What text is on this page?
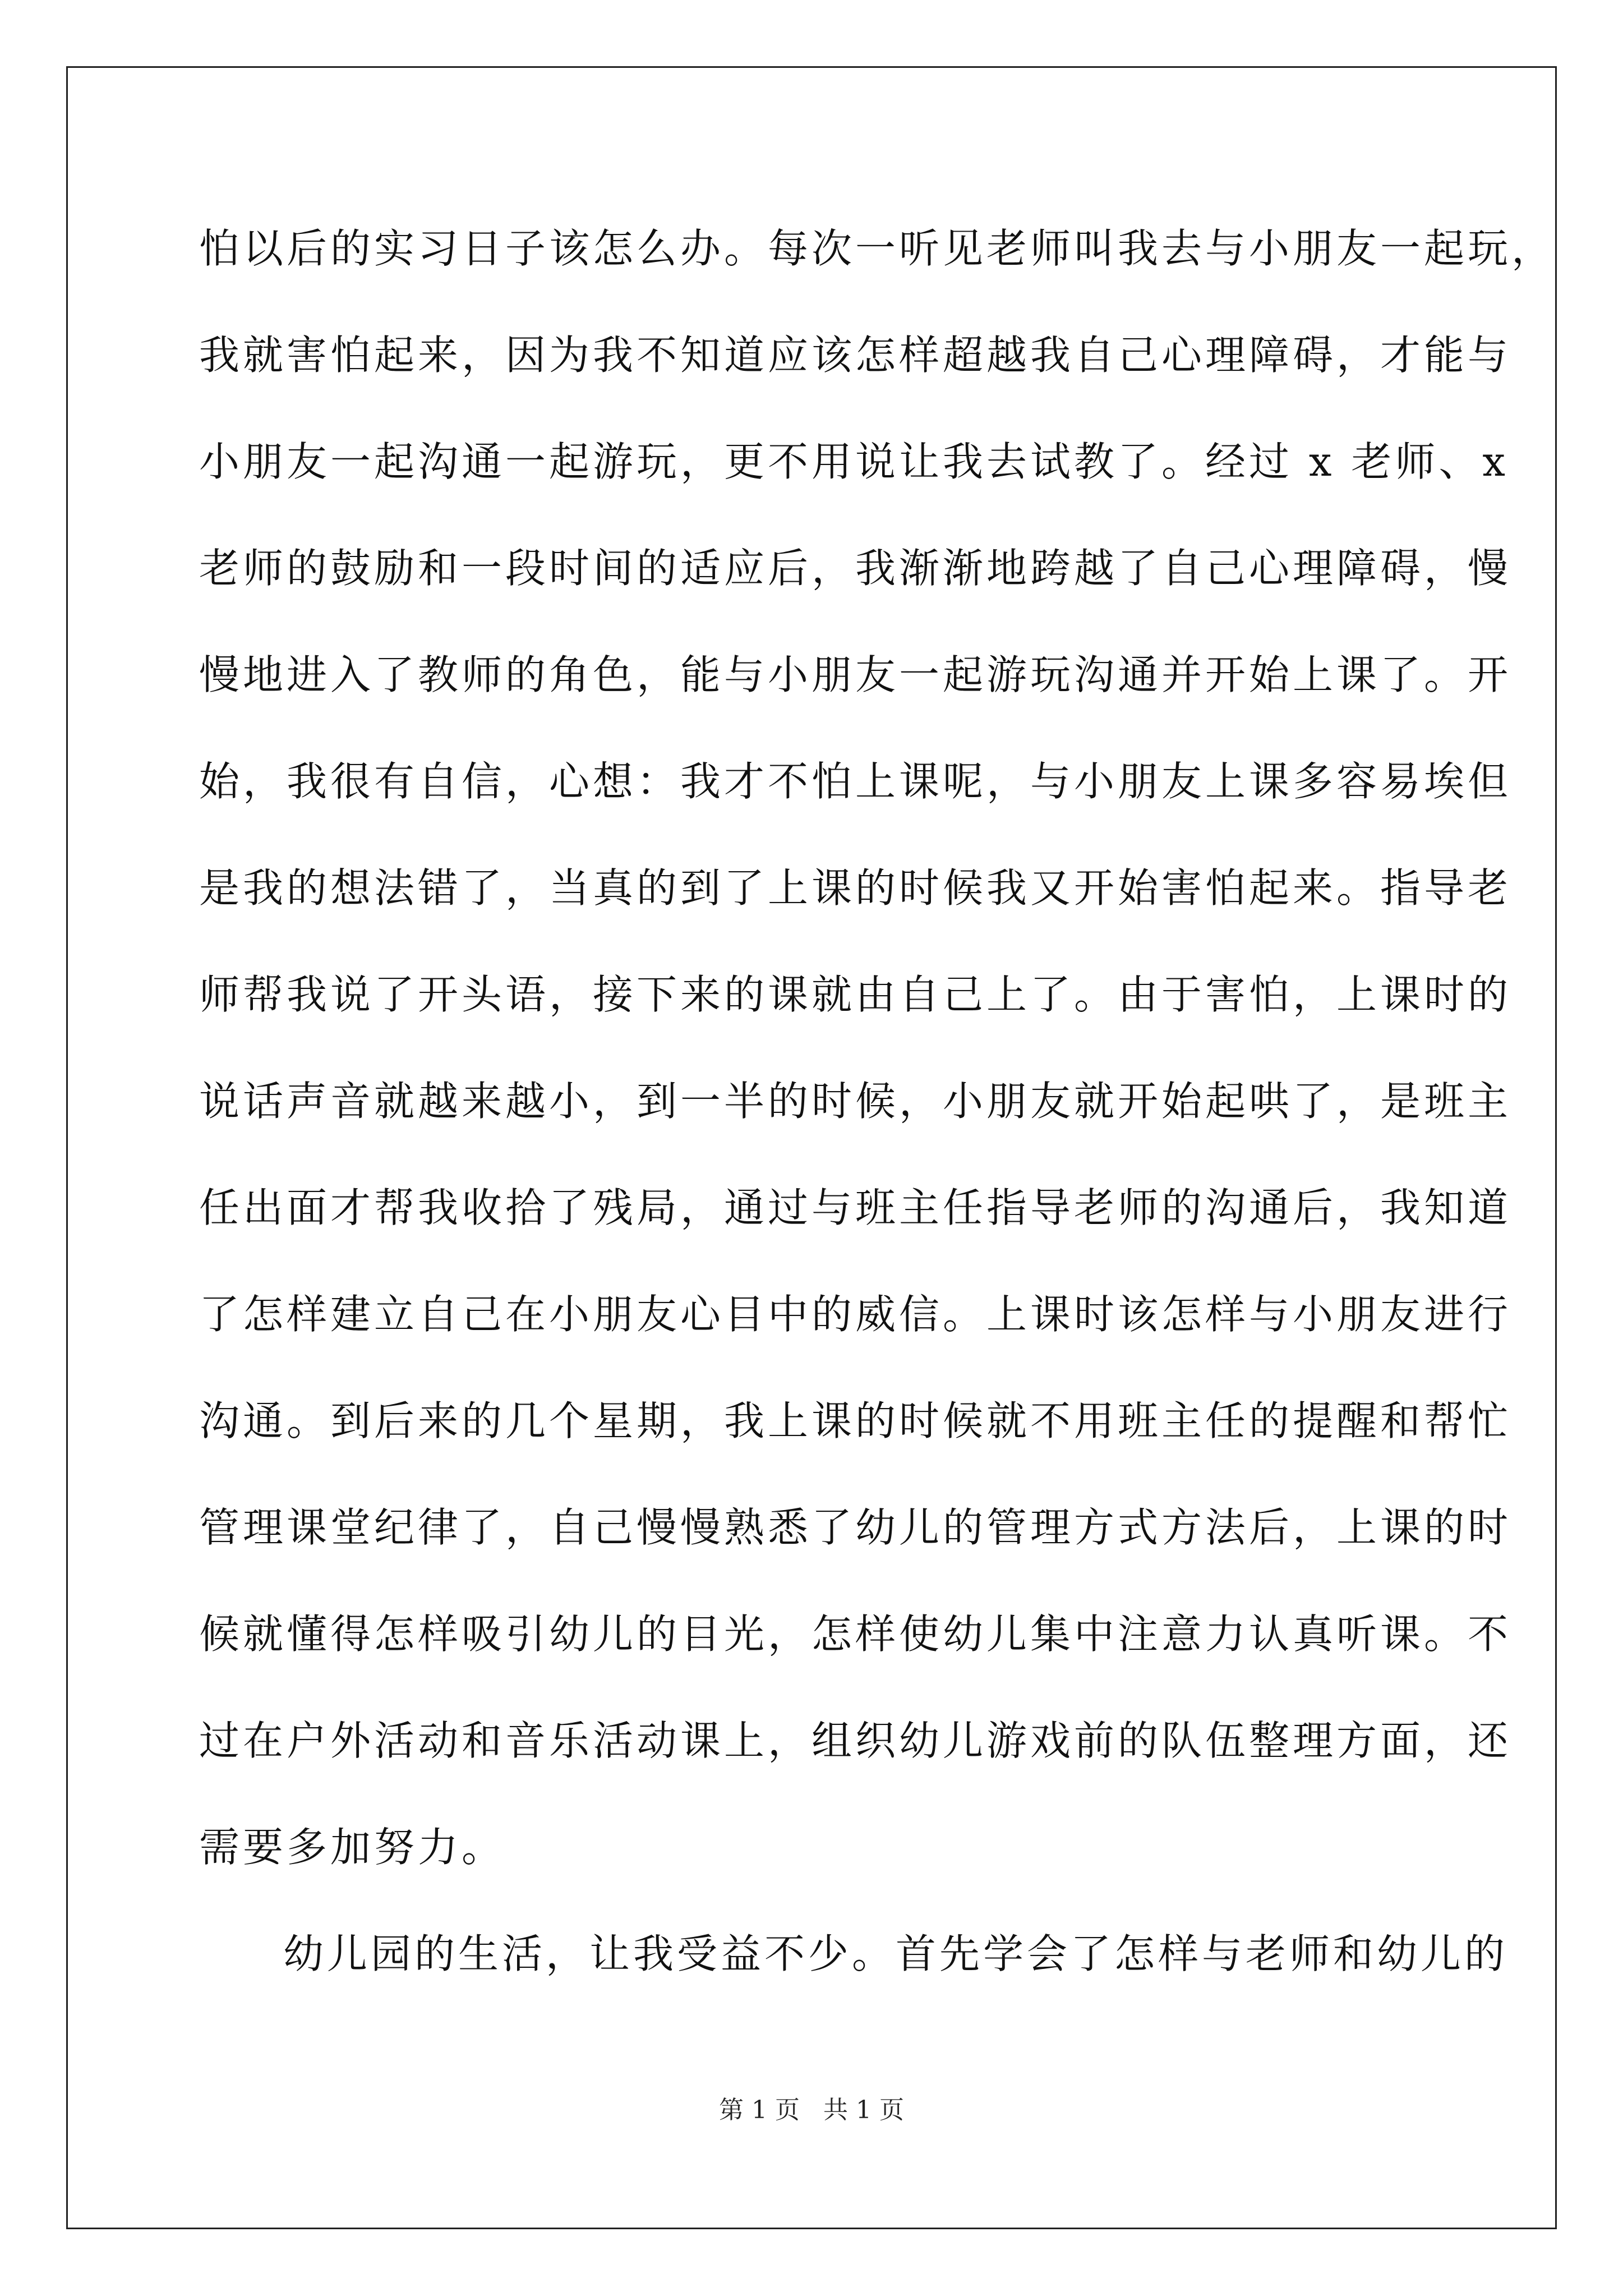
怕以后的实习日子该怎么办。每次一听见老师叫我去与小朋友一起玩，
我就害怕起来，因为我不知道应该怎样超越我自己心理障碍，才能与
小朋友一起沟通一起游玩，更不用说让我去试教了。经过 x 老师、x
老师的鼓励和一段时间的适应后，我渐渐地跨越了自己心理障碍，慢
慢地进入了教师的角色，能与小朋友一起游玩沟通并开始上课了。开
始，我很有自信，心想：我才不怕上课呢，与小朋友上课多容易埃但
是我的想法错了，当真的到了上课的时候我又开始害怕起来。指导老
师帮我说了开头语，接下来的课就由自己上了。由于害怕，上课时的
说话声音就越来越小，到一半的时候，小朋友就开始起哄了，是班主
任出面才帮我收拾了残局，通过与班主任指导老师的沟通后，我知道
了怎样建立自己在小朋友心目中的威信。上课时该怎样与小朋友进行
沟通。到后来的几个星期，我上课的时候就不用班主任的提醒和帮忙
管理课堂纪律了，自己慢慢熟悉了幼儿的管理方式方法后，上课的时
候就懂得怎样吸引幼儿的目光，怎样使幼儿集中注意力认真听课。不
过在户外活动和音乐活动课上，组织幼儿游戏前的队伍整理方面，还
需要多加努力。
幼儿园的生活，让我受益不少。首先学会了怎样与老师和幼儿的
第 1 页 共 1 页
